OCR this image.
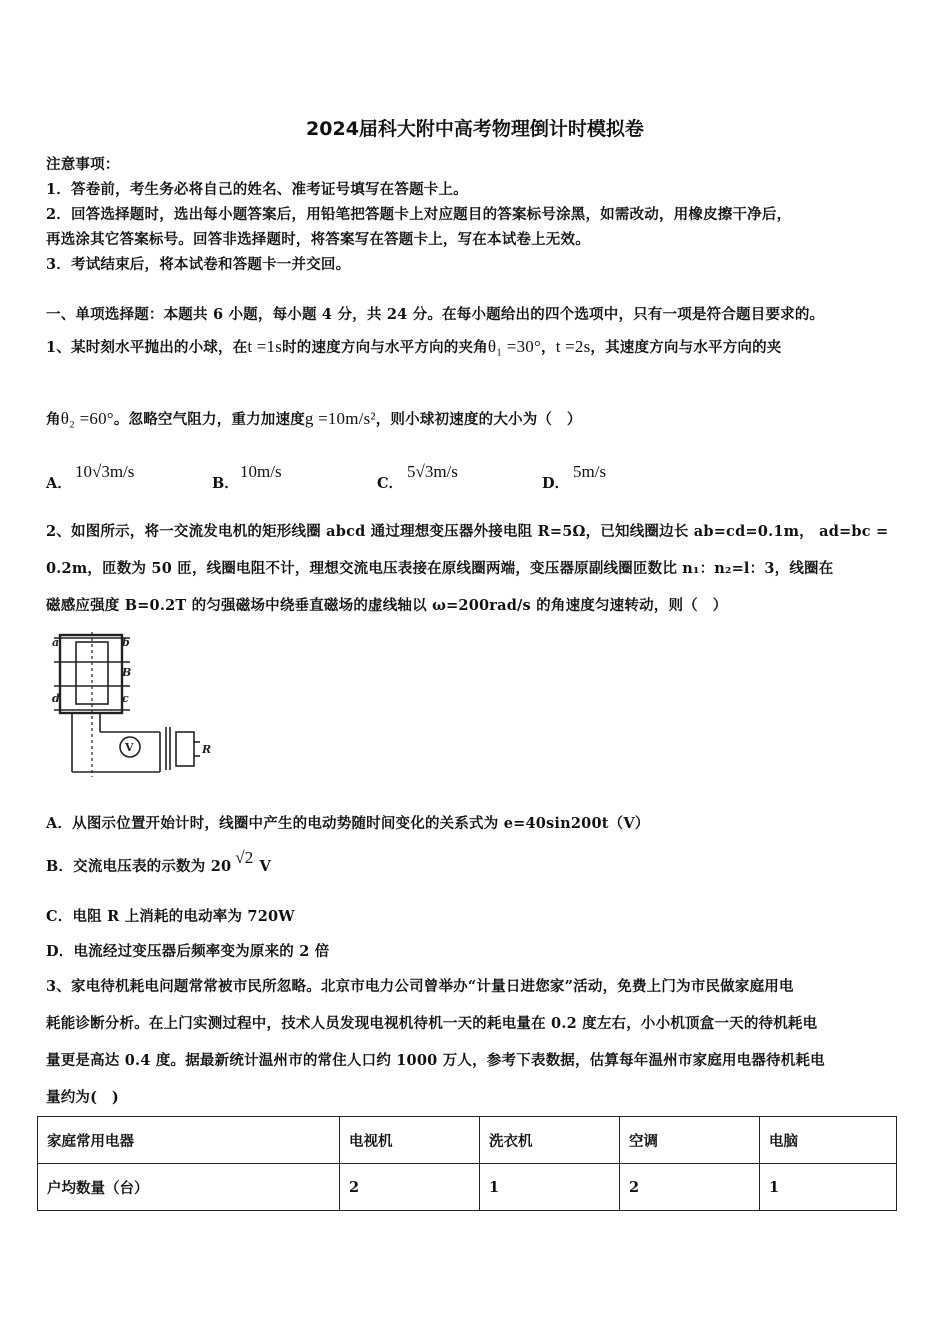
2024届科大附中高考物理倒计时模拟卷
注意事项：
1．答卷前，考生务必将自己的姓名、准考证号填写在答题卡上。
2．回答选择题时，选出每小题答案后，用铅笔把答题卡上对应题目的答案标号涂黑，如需改动，用橡皮擦干净后，
再选涂其它答案标号。回答非选择题时，将答案写在答题卡上，写在本试卷上无效。
3．考试结束后，将本试卷和答题卡一并交回。
一、单项选择题：本题共 6 小题，每小题 4 分，共 24 分。在每小题给出的四个选项中，只有一项是符合题目要求的。
1、某时刻水平抛出的小球，在t =1s时的速度方向与水平方向的夹角θ₁ =30°，t =2s，其速度方向与水平方向的夹
角θ₂ =60°。忽略空气阻力，重力加速度g =10m/s²，则小球初速度的大小为（　）
A．
10√3m/s
B．
10m/s
C．
5√3m/s
D．
5m/s
2、如图所示，将一交流发电机的矩形线圈 abcd 通过理想变压器外接电阻 R=5Ω，已知线圈边长 ab=cd=0.1m， ad=bc =
0.2m，匝数为 50 匝，线圈电阻不计，理想交流电压表接在原线圈两端，变压器原副线圈匝数比 n₁：n₂=l：3，线圈在
磁感应强度 B=0.2T 的匀强磁场中绕垂直磁场的虚线轴以 ω=200rad/s 的角速度匀速转动，则（　）
a	b
B
d	c
V	R
A．从图示位置开始计时，线圈中产生的电动势随时间变化的关系式为 e=40sin200t（V）
B．交流电压表的示数为 20 √2 V
C．电阻 R 上消耗的电动率为 720W
D．电流经过变压器后频率变为原来的 2 倍
3、家电待机耗电问题常常被市民所忽略。北京市电力公司曾举办“计量日进您家”活动，免费上门为市民做家庭用电
耗能诊断分析。在上门实测过程中，技术人员发现电视机待机一天的耗电量在 0.2 度左右，小小机顶盒一天的待机耗电
量更是高达 0.4 度。据最新统计温州市的常住人口约 1000 万人，参考下表数据，估算每年温州市家庭用电器待机耗电
量约为(　)
家庭常用电器	电视机	洗衣机	空调	电脑
户均数量（台）	2	1	2	1
